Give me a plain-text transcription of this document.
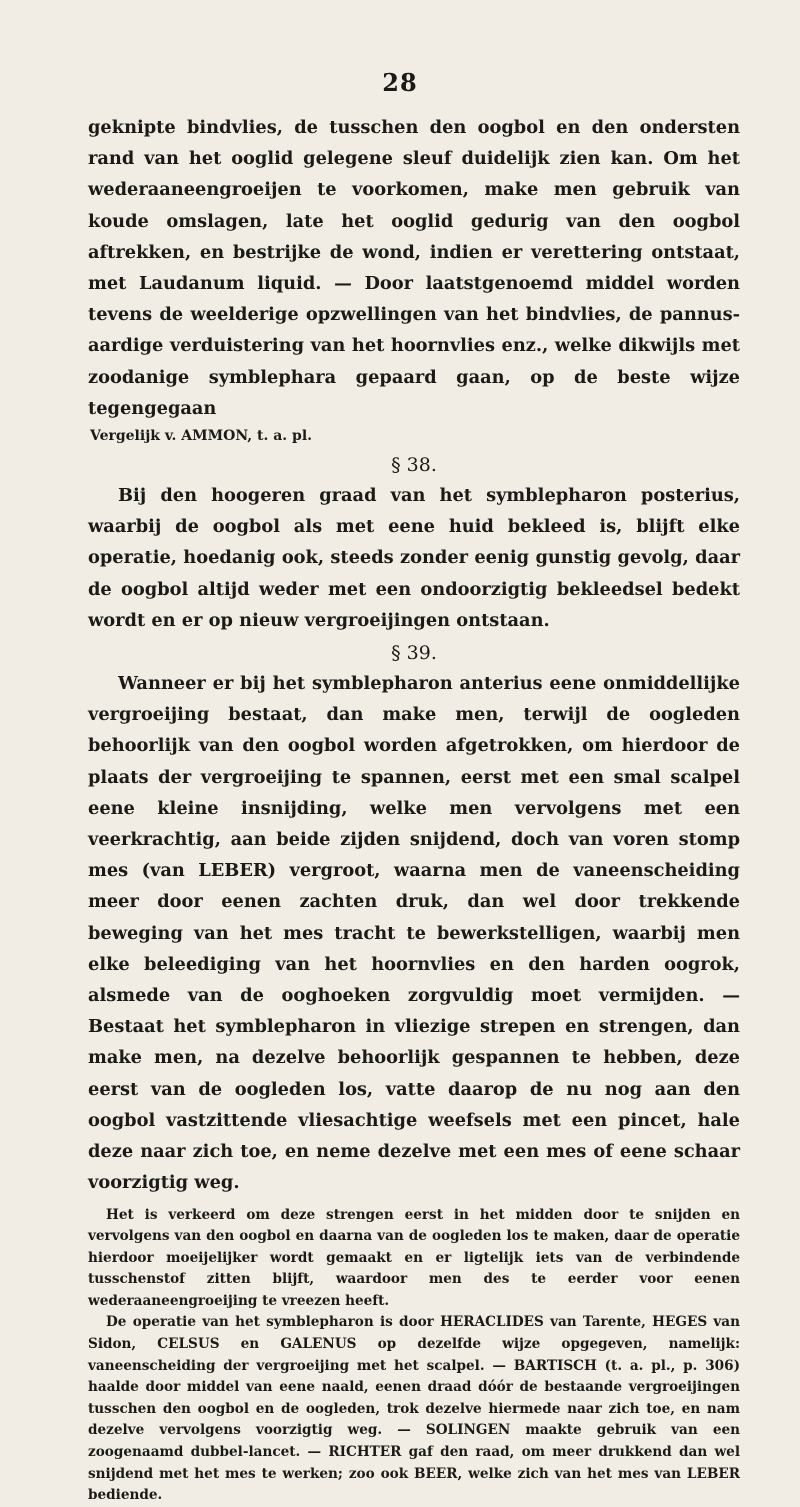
28

geknipte bindvlies, de tusschen den oogbol en den ondersten rand van het ooglid gelegene sleuf duidelijk zien kan. Om het wederaaneengroeijen te voorkomen, make men gebruik van koude omslagen, late het ooglid gedurig van den oogbol aftrekken, en bestrijke de wond, indien er verettering ontstaat, met Laudanum liquid. — Door laatstgenoemd middel worden tevens de weelderige opzwellingen van het bindvlies, de pannus-aardige verduistering van het hoornvlies enz., welke dikwijls met zoodanige symblephara gepaard gaan, op de beste wijze tegengegaan

Vergelijk v. AMMON, t. a. pl.

§ 38.

Bij den hoogeren graad van het symblepharon posterius, waarbij de oogbol als met eene huid bekleed is, blijft elke operatie, hoedanig ook, steeds zonder eenig gunstig gevolg, daar de oogbol altijd weder met een ondoorzigtig bekleedsel bedekt wordt en er op nieuw vergroeijingen ontstaan.

§ 39.

Wanneer er bij het symblepharon anterius eene onmiddellijke vergroeijing bestaat, dan make men, terwijl de oogleden behoorlijk van den oogbol worden afgetrokken, om hierdoor de plaats der vergroeijing te spannen, eerst met een smal scalpel eene kleine insnijding, welke men vervolgens met een veerkrachtig, aan beide zijden snijdend, doch van voren stomp mes (van LEBER) vergroot, waarna men de vaneenscheiding meer door eenen zachten druk, dan wel door trekkende beweging van het mes tracht te bewerkstelligen, waarbij men elke beleediging van het hoornvlies en den harden oogrok, alsmede van de ooghoeken zorgvuldig moet vermijden. — Bestaat het symblepharon in vliezige strepen en strengen, dan make men, na dezelve behoorlijk gespannen te hebben, deze eerst van de oogleden los, vatte daarop de nu nog aan den oogbol vastzittende vliesachtige weefsels met een pincet, hale deze naar zich toe, en neme dezelve met een mes of eene schaar voorzigtig weg.

Het is verkeerd om deze strengen eerst in het midden door te snijden en vervolgens van den oogbol en daarna van de oogleden los te maken, daar de operatie hierdoor moeijelijker wordt gemaakt en er ligtelijk iets van de verbindende tusschenstof zitten blijft, waardoor men des te eerder voor eenen wederaaneengroeijing te vreezen heeft.

De operatie van het symblepharon is door HERACLIDES van Tarente, HEGES van Sidon, CELSUS en GALENUS op dezelfde wijze opgegeven, namelijk: vaneenscheiding der vergroeijing met het scalpel. — BARTISCH (t. a. pl., p. 306) haalde door middel van eene naald, eenen draad dóór de bestaande vergroeijingen tusschen den oogbol en de oogleden, trok dezelve hiermede naar zich toe, en nam dezelve vervolgens voorzigtig weg. — SOLINGEN maakte gebruik van een zoogenaamd dubbel-lancet. — RICHTER gaf den raad, om meer drukkend dan wel snijdend met het mes te werken; zoo ook BEER, welke zich van het mes van LEBER bediende.
